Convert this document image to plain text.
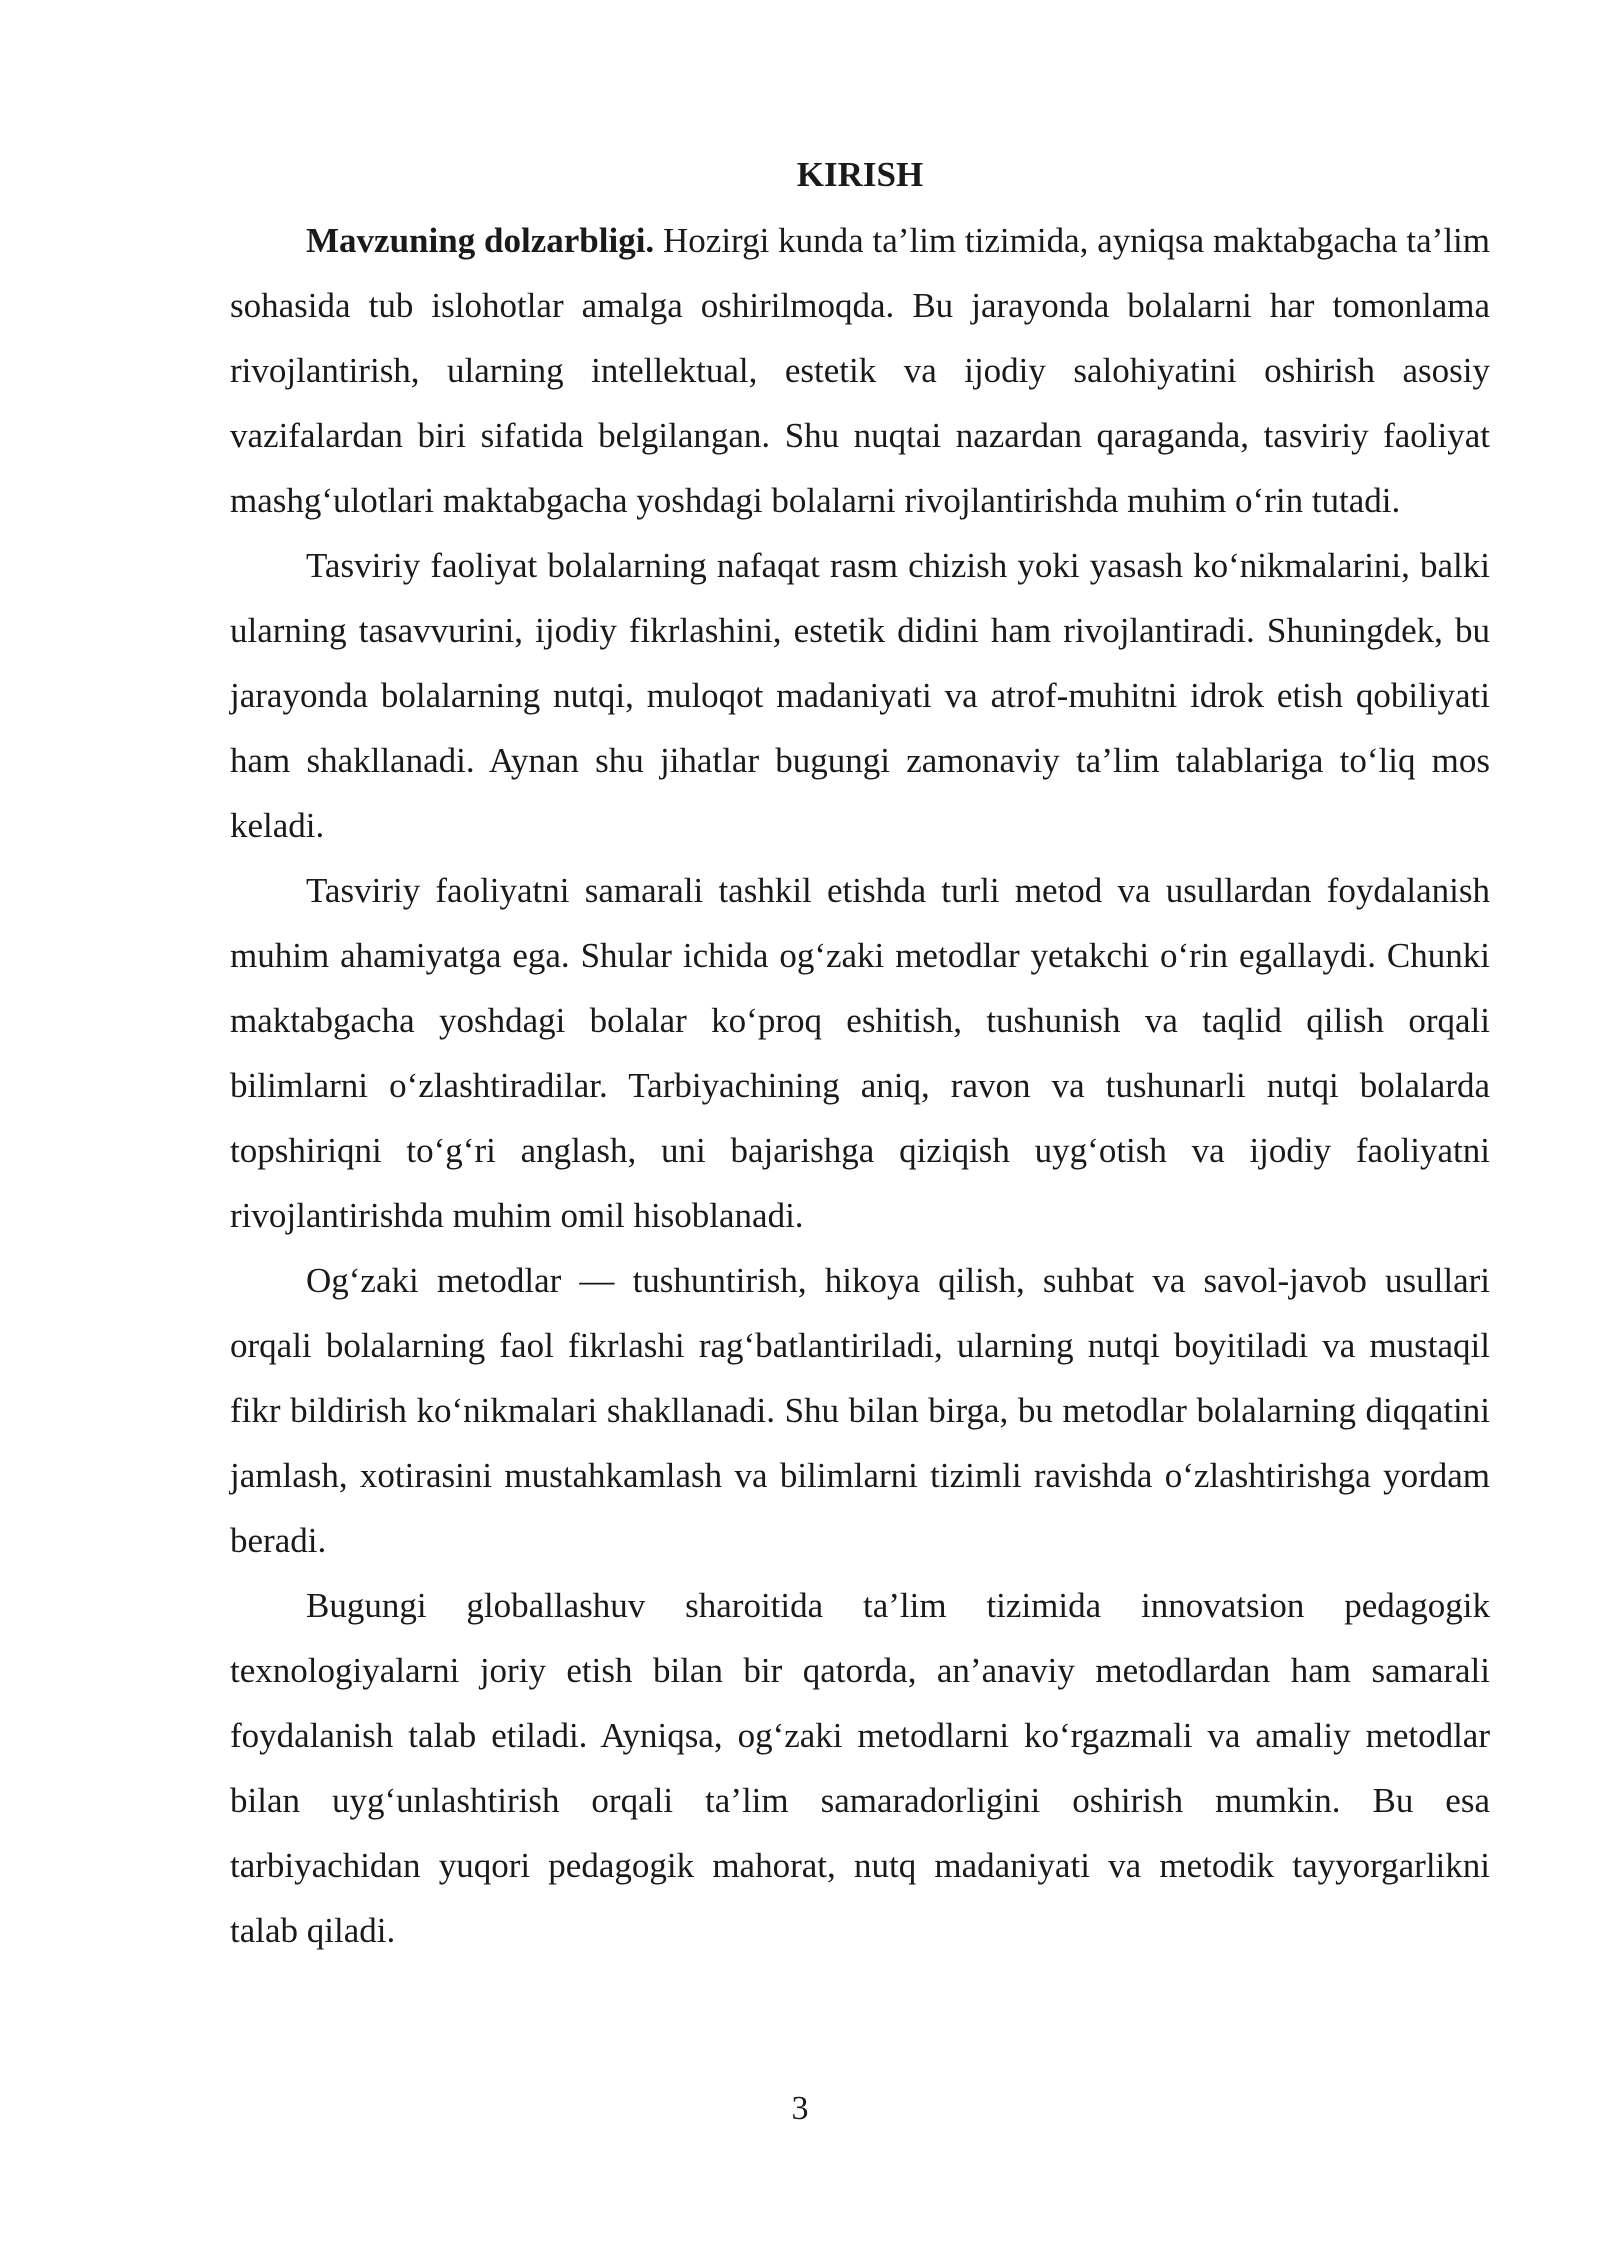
KIRISH

Mavzuning dolzarbligi. Hozirgi kunda ta’lim tizimida, ayniqsa maktabgacha ta’lim sohasida tub islohotlar amalga oshirilmoqda. Bu jarayonda bolalarni har tomonlama rivojlantirish, ularning intellektual, estetik va ijodiy salohiyatini oshirish asosiy vazifalardan biri sifatida belgilangan. Shu nuqtai nazardan qaraganda, tasviriy faoliyat mashg‘ulotlari maktabgacha yoshdagi bolalarni rivojlantirishda muhim o‘rin tutadi.

Tasviriy faoliyat bolalarning nafaqat rasm chizish yoki yasash ko‘nikmalarini, balki ularning tasavvurini, ijodiy fikrlashini, estetik didini ham rivojlantiradi. Shuningdek, bu jarayonda bolalarning nutqi, muloqot madaniyati va atrof-muhitni idrok etish qobiliyati ham shakllanadi. Aynan shu jihatlar bugungi zamonaviy ta’lim talablariga to‘liq mos keladi.

Tasviriy faoliyatni samarali tashkil etishda turli metod va usullardan foydalanish muhim ahamiyatga ega. Shular ichida og‘zaki metodlar yetakchi o‘rin egallaydi. Chunki maktabgacha yoshdagi bolalar ko‘proq eshitish, tushunish va taqlid qilish orqali bilimlarni o‘zlashtiradilar. Tarbiyachining aniq, ravon va tushunarli nutqi bolalarda topshiriqni to‘g‘ri anglash, uni bajarishga qiziqish uyg‘otish va ijodiy faoliyatni rivojlantirishda muhim omil hisoblanadi.

Og‘zaki metodlar — tushuntirish, hikoya qilish, suhbat va savol-javob usullari orqali bolalarning faol fikrlashi rag‘batlantiriladi, ularning nutqi boyitiladi va mustaqil fikr bildirish ko‘nikmalari shakllanadi. Shu bilan birga, bu metodlar bolalarning diqqatini jamlash, xotirasini mustahkamlash va bilimlarni tizimli ravishda o‘zlashtirishga yordam beradi.

Bugungi globallashuv sharoitida ta’lim tizimida innovatsion pedagogik texnologiyalarni joriy etish bilan bir qatorda, an’anaviy metodlardan ham samarali foydalanish talab etiladi. Ayniqsa, og‘zaki metodlarni ko‘rgazmali va amaliy metodlar bilan uyg‘unlashtirish orqali ta’lim samaradorligini oshirish mumkin. Bu esa tarbiyachidan yuqori pedagogik mahorat, nutq madaniyati va metodik tayyorgarlikni talab qiladi.

3
